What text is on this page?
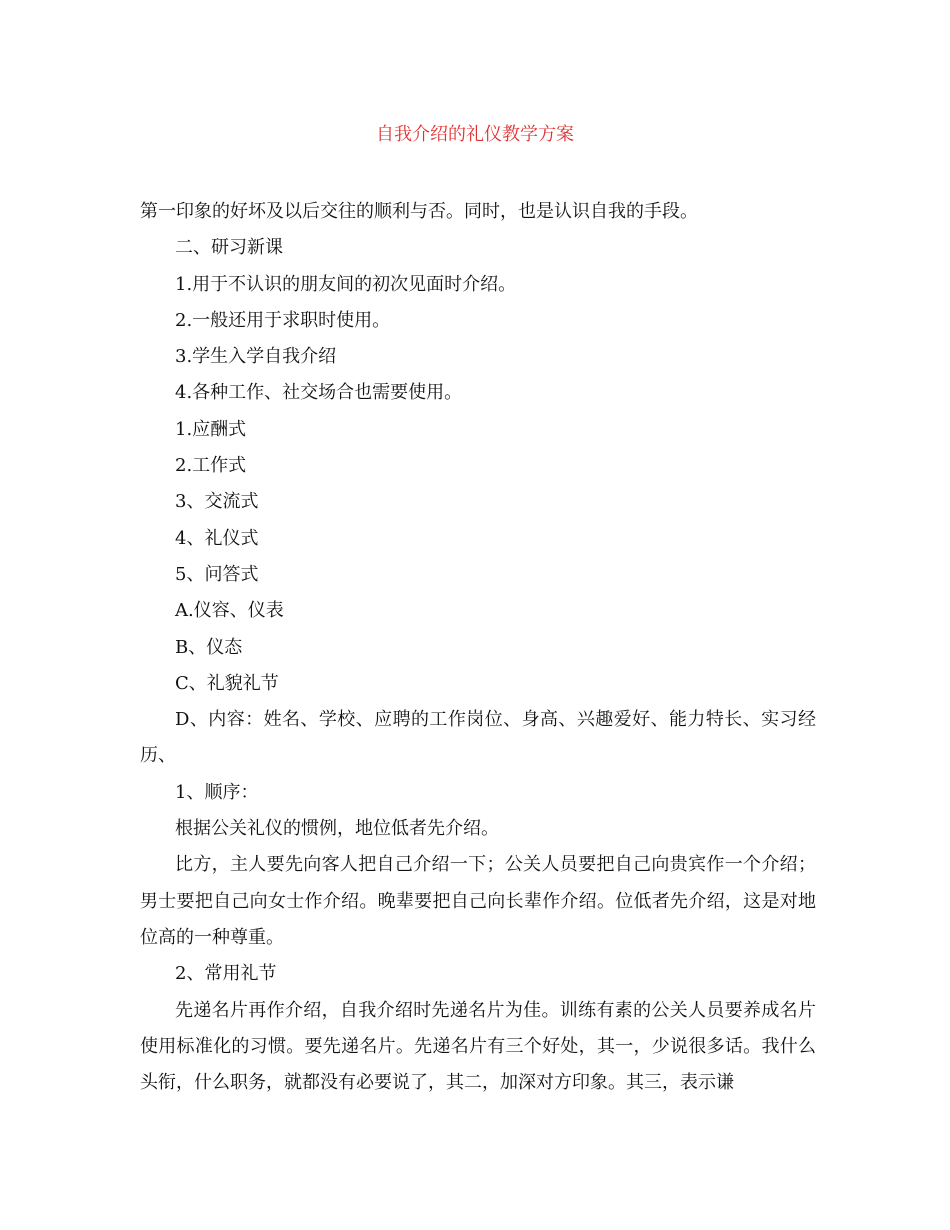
自我介绍的礼仪教学方案

第一印象的好坏及以后交往的顺利与否。同时，也是认识自我的手段。

二、研习新课

1.用于不认识的朋友间的初次见面时介绍。

2.一般还用于求职时使用。

3.学生入学自我介绍

4.各种工作、社交场合也需要使用。

1.应酬式

2.工作式

3、交流式

4、礼仪式

5、问答式

A.仪容、仪表

B、仪态

C、礼貌礼节

D、内容：姓名、学校、应聘的工作岗位、身高、兴趣爱好、能力特长、实习经历、

1、顺序：

根据公关礼仪的惯例，地位低者先介绍。

比方，主人要先向客人把自己介绍一下；公关人员要把自己向贵宾作一个介绍；男士要把自己向女士作介绍。晚辈要把自己向长辈作介绍。位低者先介绍，这是对地位高的一种尊重。

2、常用礼节

先递名片再作介绍，自我介绍时先递名片为佳。训练有素的公关人员要养成名片使用标准化的习惯。要先递名片。先递名片有三个好处，其一，少说很多话。我什么头衔，什么职务，就都没有必要说了，其二，加深对方印象。其三，表示谦
